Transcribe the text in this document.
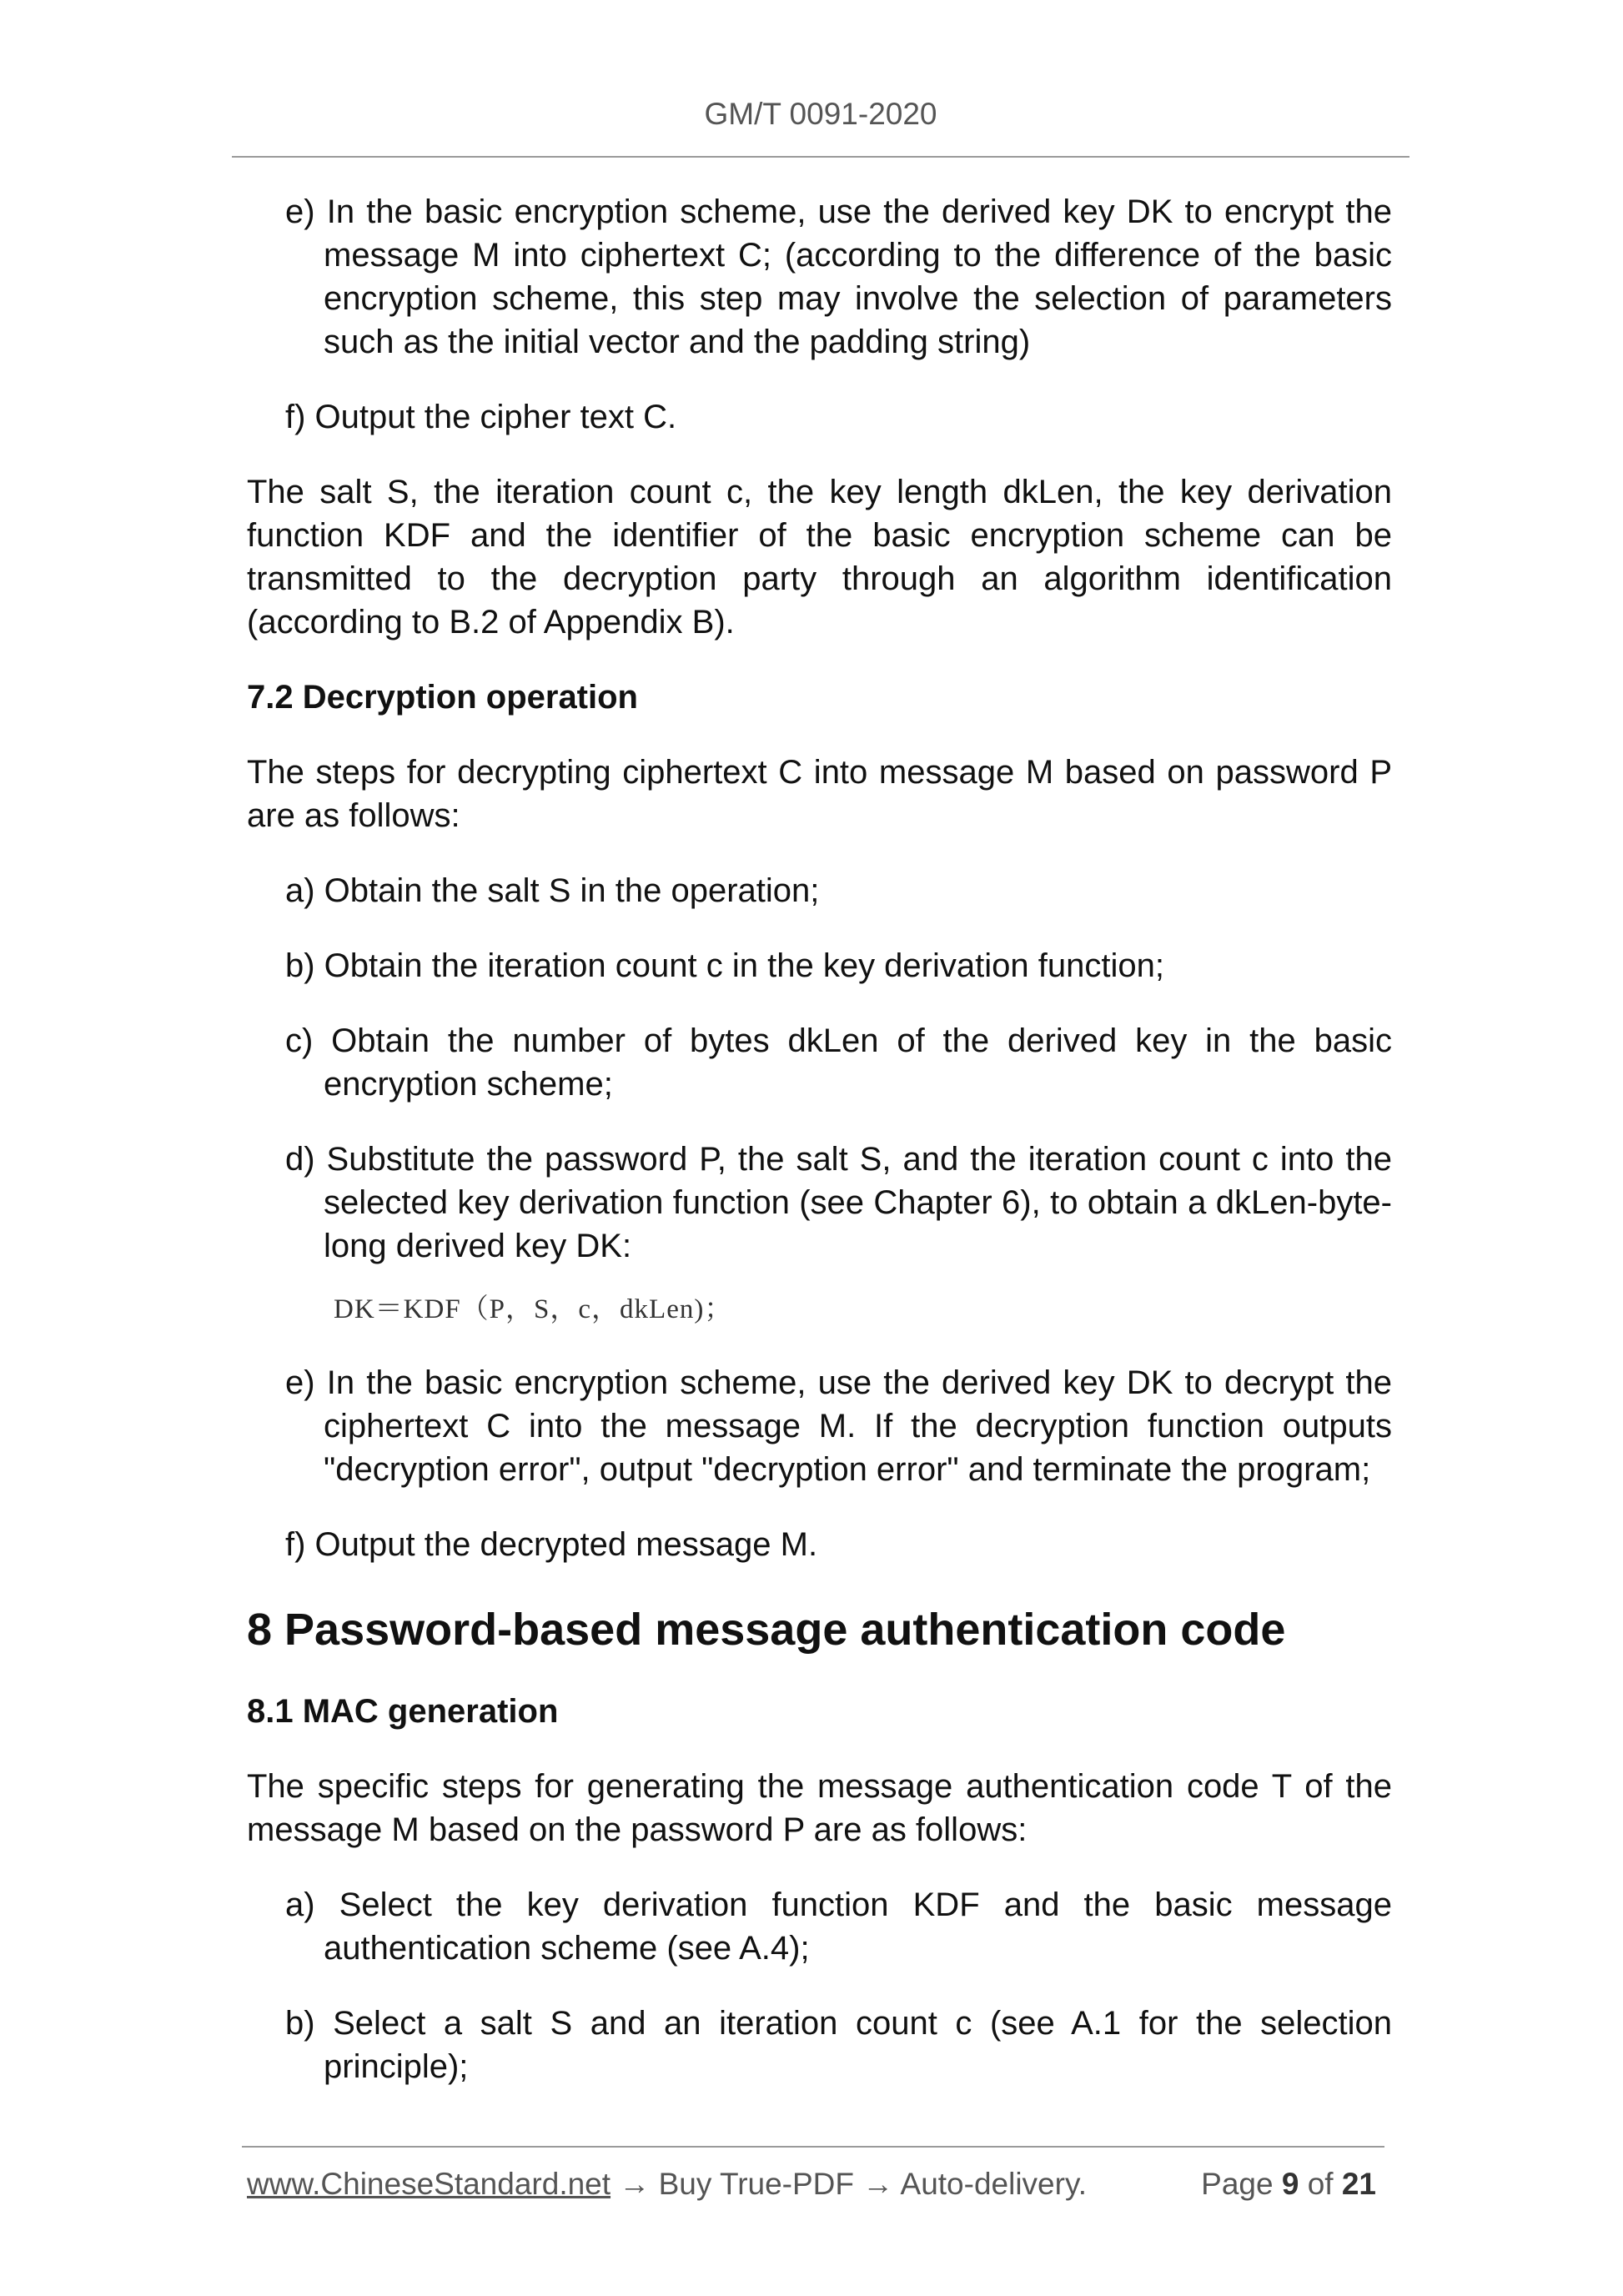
GM/T 0091-2020

e) In the basic encryption scheme, use the derived key DK to encrypt the message M into ciphertext C; (according to the difference of the basic encryption scheme, this step may involve the selection of parameters such as the initial vector and the padding string)

f) Output the cipher text C.

The salt S, the iteration count c, the key length dkLen, the key derivation function KDF and the identifier of the basic encryption scheme can be transmitted to the decryption party through an algorithm identification (according to B.2 of Appendix B).

7.2 Decryption operation

The steps for decrypting ciphertext C into message M based on password P are as follows:

a) Obtain the salt S in the operation;

b) Obtain the iteration count c in the key derivation function;

c) Obtain the number of bytes dkLen of the derived key in the basic encryption scheme;

d) Substitute the password P, the salt S, and the iteration count c into the selected key derivation function (see Chapter 6), to obtain a dkLen-byte-long derived key DK:

DK＝KDF（P，S，c，dkLen)；

e) In the basic encryption scheme, use the derived key DK to decrypt the ciphertext C into the message M. If the decryption function outputs "decryption error", output "decryption error" and terminate the program;

f) Output the decrypted message M.

8 Password-based message authentication code

8.1 MAC generation

The specific steps for generating the message authentication code T of the message M based on the password P are as follows:

a) Select the key derivation function KDF and the basic message authentication scheme (see A.4);

b) Select a salt S and an iteration count c (see A.1 for the selection principle);

www.ChineseStandard.net → Buy True-PDF → Auto-delivery.	Page 9 of 21
